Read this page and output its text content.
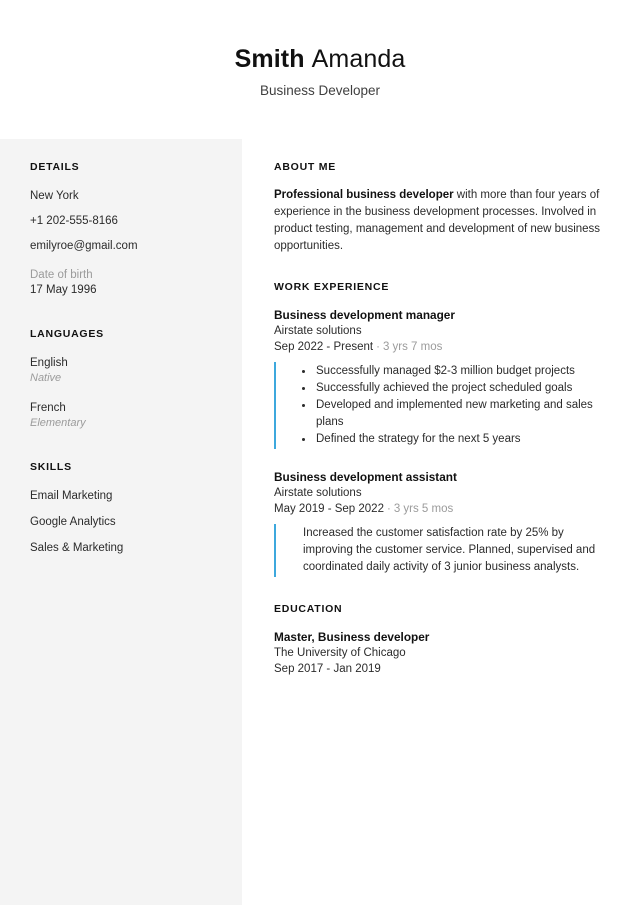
Smith Amanda
Business Developer
DETAILS
New York
+1 202-555-8166
emilyroe@gmail.com
Date of birth
17 May 1996
LANGUAGES
English
Native
French
Elementary
SKILLS
Email Marketing
Google Analytics
Sales & Marketing
ABOUT ME

Professional business developer with more than four years of experience in the business development processes. Involved in product testing, management and development of new business opportunities.

WORK EXPERIENCE
Business development manager
Airstate solutions
Sep 2022 - Present · 3 yrs 7 mos
• Successfully managed $2-3 million budget projects
• Successfully achieved the project scheduled goals
• Developed and implemented new marketing and sales plans
• Defined the strategy for the next 5 years
Business development assistant
Airstate solutions
May 2019 - Sep 2022 · 3 yrs 5 mos

Increased the customer satisfaction rate by 25% by improving the customer service. Planned, supervised and coordinated daily activity of 3 junior business analysts.

EDUCATION
Master, Business developer
The University of Chicago
Sep 2017 - Jan 2019
